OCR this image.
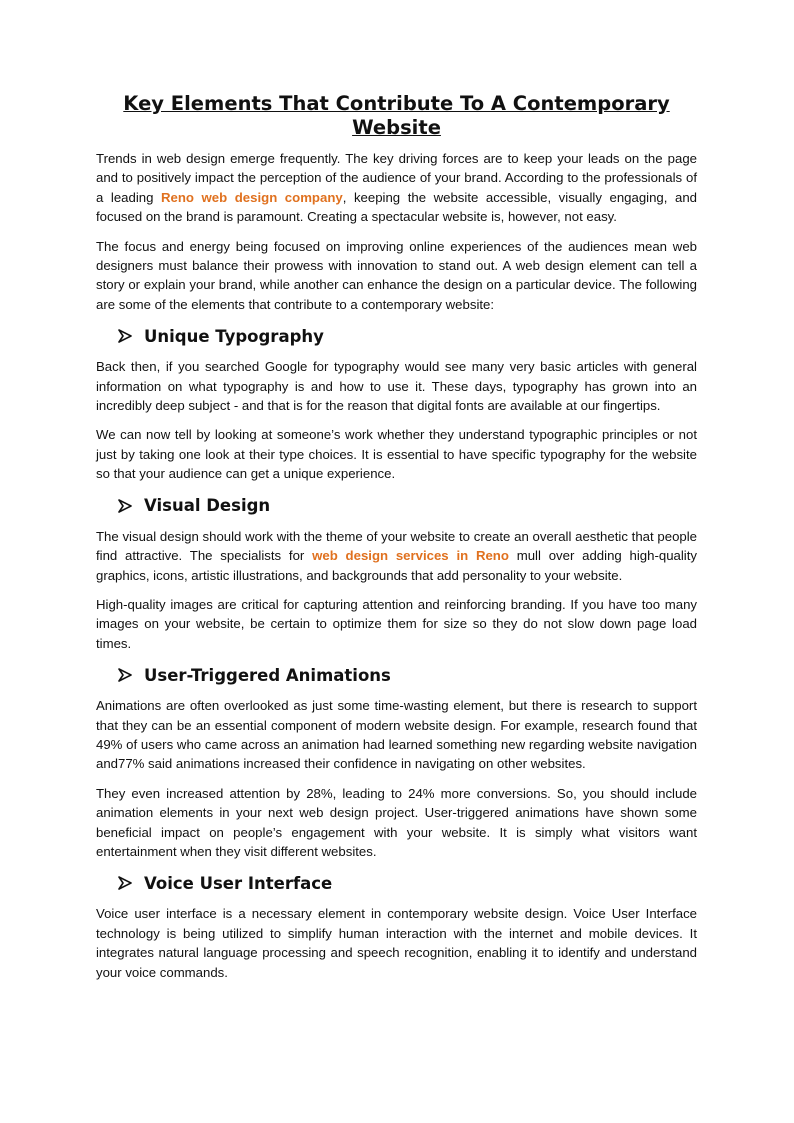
Key Elements That Contribute To A Contemporary
Website

Trends in web design emerge frequently. The key driving forces are to keep your leads on the page and to positively impact the perception of the audience of your brand. According to the professionals of a leading Reno web design company, keeping the website accessible, visually engaging, and focused on the brand is paramount. Creating a spectacular website is, however, not easy.

The focus and energy being focused on improving online experiences of the audiences mean web designers must balance their prowess with innovation to stand out. A web design element can tell a story or explain your brand, while another can enhance the design on a particular device. The following are some of the elements that contribute to a contemporary website:

Unique Typography

Back then, if you searched Google for typography would see many very basic articles with general information on what typography is and how to use it. These days, typography has grown into an incredibly deep subject - and that is for the reason that digital fonts are available at our fingertips.

We can now tell by looking at someone’s work whether they understand typographic principles or not just by taking one look at their type choices. It is essential to have specific typography for the website so that your audience can get a unique experience.

Visual Design

The visual design should work with the theme of your website to create an overall aesthetic that people find attractive. The specialists for web design services in Reno mull over adding high-quality graphics, icons, artistic illustrations, and backgrounds that add personality to your website.

High-quality images are critical for capturing attention and reinforcing branding. If you have too many images on your website, be certain to optimize them for size so they do not slow down page load times.

User-Triggered Animations

Animations are often overlooked as just some time-wasting element, but there is research to support that they can be an essential component of modern website design. For example, research found that 49% of users who came across an animation had learned something new regarding website navigation and77% said animations increased their confidence in navigating on other websites.

They even increased attention by 28%, leading to 24% more conversions. So, you should include animation elements in your next web design project. User-triggered animations have shown some beneficial impact on people’s engagement with your website. It is simply what visitors want entertainment when they visit different websites.

Voice User Interface

Voice user interface is a necessary element in contemporary website design. Voice User Interface technology is being utilized to simplify human interaction with the internet and mobile devices. It integrates natural language processing and speech recognition, enabling it to identify and understand your voice commands.
